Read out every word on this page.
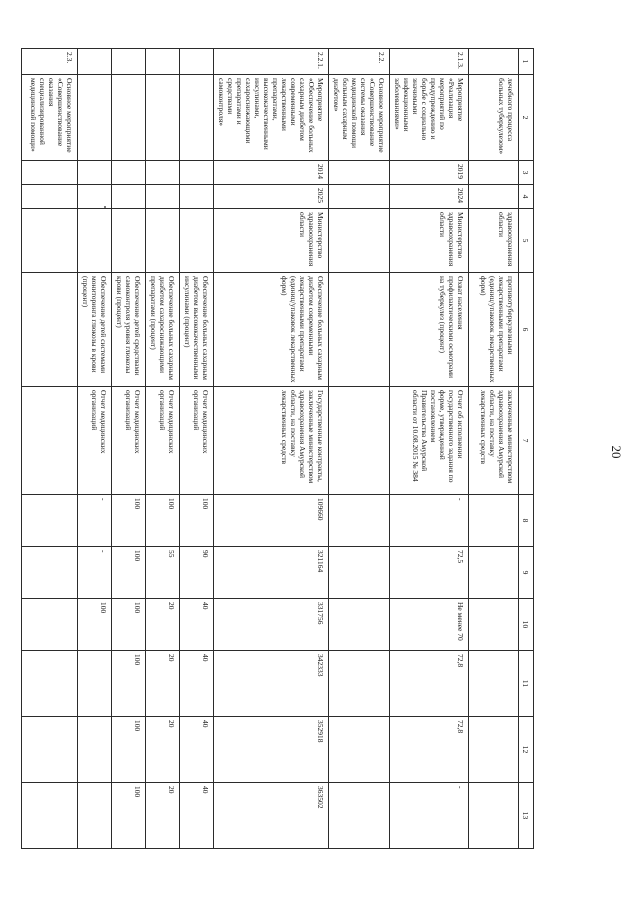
20
1	2	3	4	5	6	7	8	9	10	11	12	13
	лечебного процесса больных туберкулезом»			здравоохранения области	противотуберкулезными лекарственными препаратами (единиц/упаковок лекарственных форм)	заключенные министерством здравоохранения Амурской области, на поставку лекарственных средств						
2.1.3.	Мероприятие «Реализация мероприятий по предупреждению и борьбе с социально значимыми инфекционными заболеваниями»	2019	2024	Министерство здравоохранения области	Охват населения профилактическими осмотрами на туберкулез (процент)	Отчет об исполнении государственного задания по форме, утвержденной постановлением Правительства Амурской области от 10.08.2015 № 384	-	72,5	Не менее 70	72,8	72,8	-
2.2.	Основное мероприятие «Совершенствование системы оказания медицинской помощи больным сахарным диабетом»											
2.2.1.	Мероприятие «Обеспечение больных сахарным диабетом современными лекарственными препаратами, высококачественными инсулинами, сахароснижающими препаратами и средствами самоконтроля»	2014	2025	Министерство здравоохранения области	Обеспечение больных сахарным диабетом современными лекарственными препаратами (единиц/упаковок лекарственных форм)	Государственные контракты, заключенные министерством здравоохранения Амурской области, на поставку лекарственных средств	109660	321164	331756	342333	352918	363502
					Обеспечение больных сахарным диабетом высококачественными инсулинами (процент)	Отчет медицинских организаций	100	90	40	40	40	40
					Обеспечение больных сахарным диабетом сахароснижающими препаратами (процент)	Отчет медицинских организаций	100	55	20	20	20	20
					Обеспечение детей средствами самоконтроля уровня глюкозы крови (процент)	Отчет медицинских организаций	100	100	100	100	100	100
					Обеспечение детей системами мониторинга глюкозы в крови (процент)	Отчет медицинских организаций	-	-	100			
2.3.	Основное мероприятие «Совершенствование оказания специализированной медицинской помощи»											
